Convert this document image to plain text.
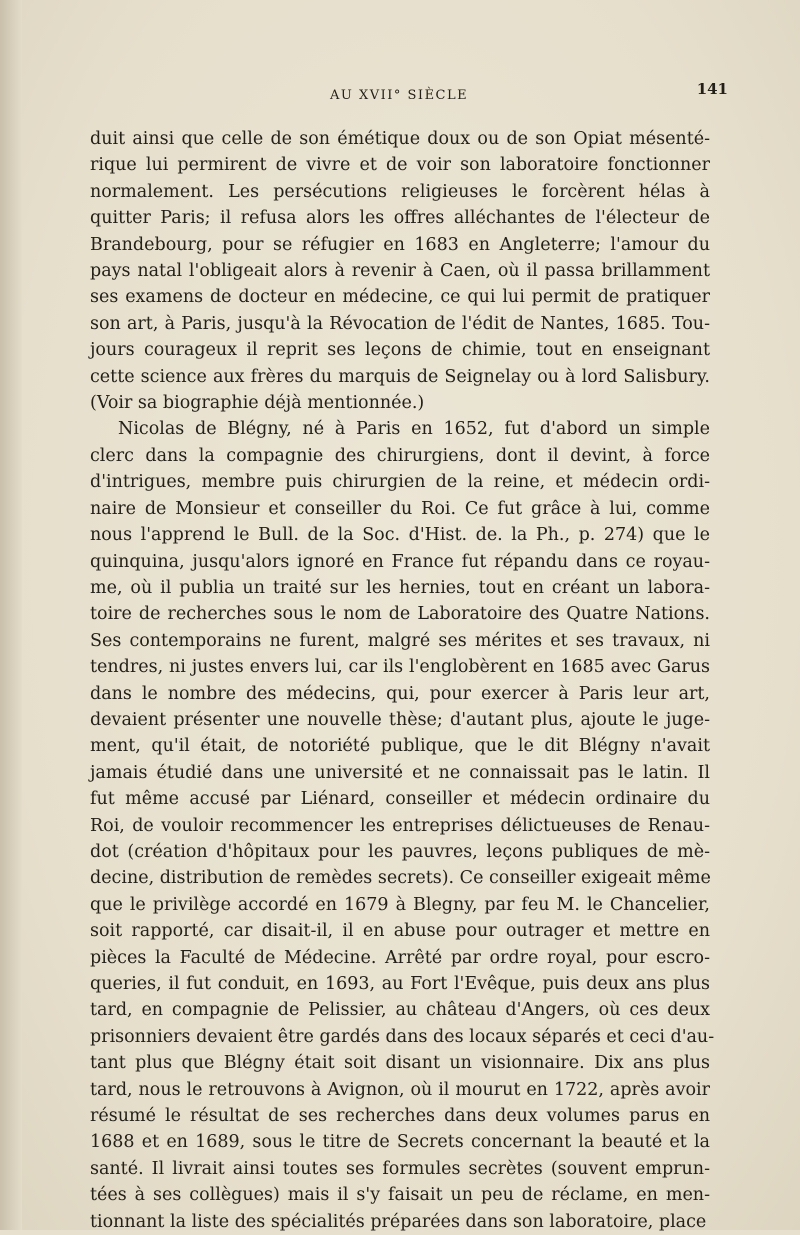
AU XVII° SIÈCLE	141

duit ainsi que celle de son émétique doux ou de son Opiat mésenté-
rique lui permirent de vivre et de voir son laboratoire fonctionner
normalement. Les persécutions religieuses le forcèrent hélas à
quitter Paris; il refusa alors les offres alléchantes de l'électeur de
Brandebourg, pour se réfugier en 1683 en Angleterre; l'amour du
pays natal l'obligeait alors à revenir à Caen, où il passa brillamment
ses examens de docteur en médecine, ce qui lui permit de pratiquer
son art, à Paris, jusqu'à la Révocation de l'édit de Nantes, 1685. Tou-
jours courageux il reprit ses leçons de chimie, tout en enseignant
cette science aux frères du marquis de Seignelay ou à lord Salisbury.
(Voir sa biographie déjà mentionnée.)

Nicolas de Blégny, né à Paris en 1652, fut d'abord un simple
clerc dans la compagnie des chirurgiens, dont il devint, à force
d'intrigues, membre puis chirurgien de la reine, et médecin ordi-
naire de Monsieur et conseiller du Roi. Ce fut grâce à lui, comme
nous l'apprend le Bull. de la Soc. d'Hist. de. la Ph., p. 274) que le
quinquina, jusqu'alors ignoré en France fut répandu dans ce royau-
me, où il publia un traité sur les hernies, tout en créant un labora-
toire de recherches sous le nom de Laboratoire des Quatre Nations.
Ses contemporains ne furent, malgré ses mérites et ses travaux, ni
tendres, ni justes envers lui, car ils l'englobèrent en 1685 avec Garus
dans le nombre des médecins, qui, pour exercer à Paris leur art,
devaient présenter une nouvelle thèse; d'autant plus, ajoute le juge-
ment, qu'il était, de notoriété publique, que le dit Blégny n'avait
jamais étudié dans une université et ne connaissait pas le latin. Il
fut même accusé par Liénard, conseiller et médecin ordinaire du
Roi, de vouloir recommencer les entreprises délictueuses de Renau-
dot (création d'hôpitaux pour les pauvres, leçons publiques de mè-
decine, distribution de remèdes secrets). Ce conseiller exigeait même
que le privilège accordé en 1679 à Blegny, par feu M. le Chancelier,
soit rapporté, car disait-il, il en abuse pour outrager et mettre en
pièces la Faculté de Médecine. Arrêté par ordre royal, pour escro-
queries, il fut conduit, en 1693, au Fort l'Evêque, puis deux ans plus
tard, en compagnie de Pelissier, au château d'Angers, où ces deux
prisonniers devaient être gardés dans des locaux séparés et ceci d'au-
tant plus que Blégny était soit disant un visionnaire. Dix ans plus
tard, nous le retrouvons à Avignon, où il mourut en 1722, après avoir
résumé le résultat de ses recherches dans deux volumes parus en
1688 et en 1689, sous le titre de Secrets concernant la beauté et la
santé. Il livrait ainsi toutes ses formules secrètes (souvent emprun-
tées à ses collègues) mais il s'y faisait un peu de réclame, en men-
tionnant la liste des spécialités préparées dans son laboratoire, place
